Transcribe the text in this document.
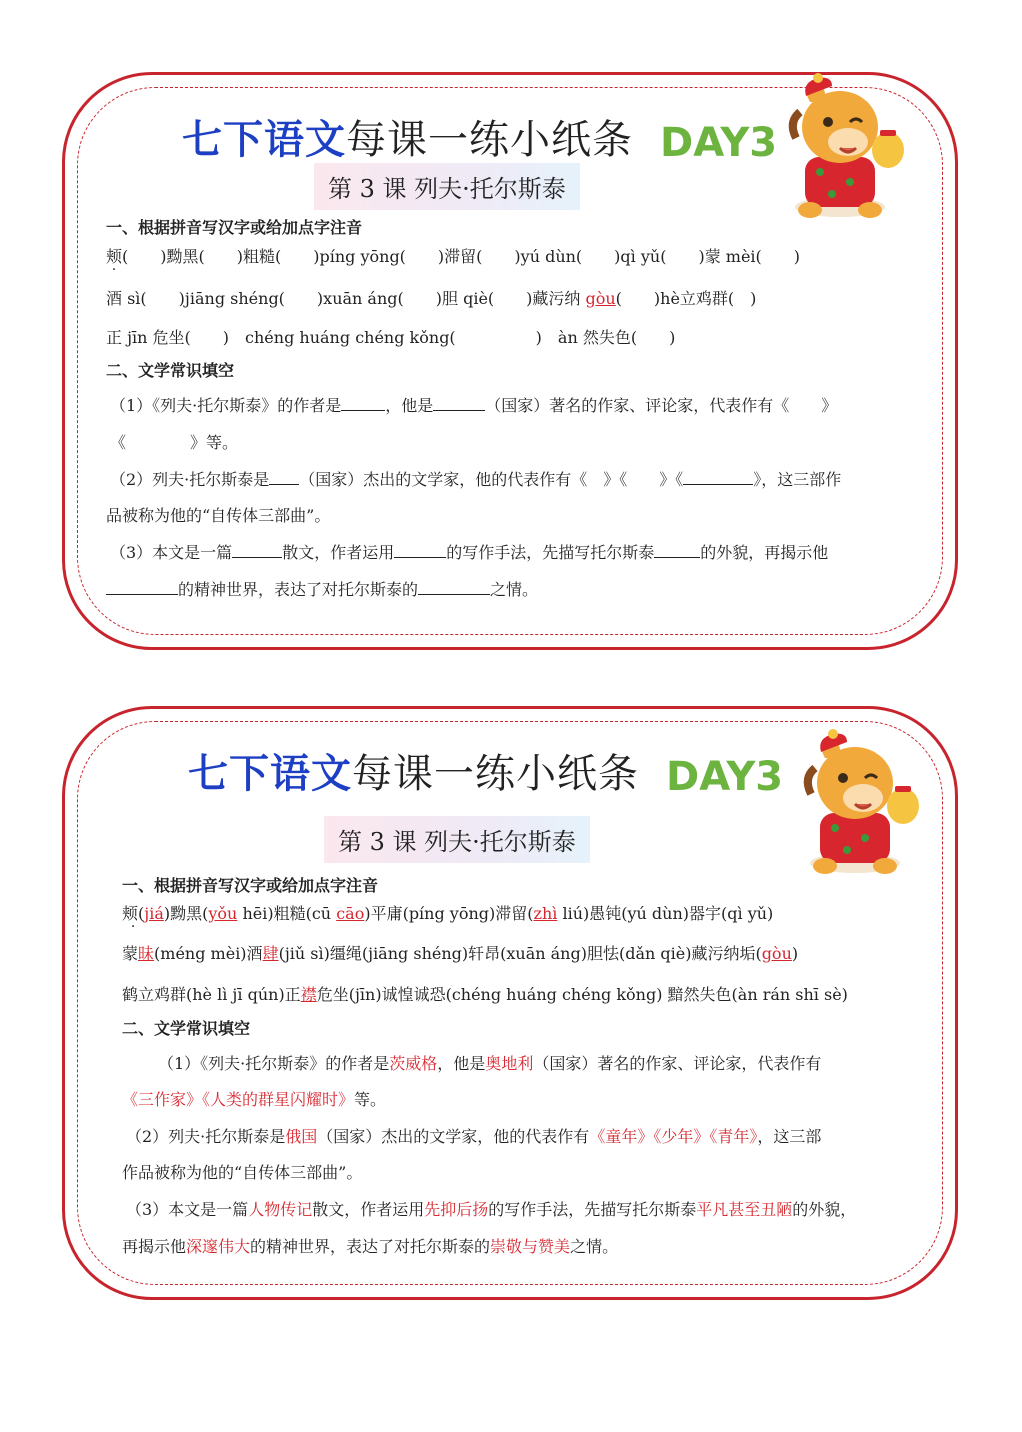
七下语文每课一练小纸条 DAY3
第 3 课 列夫·托尔斯泰
一、根据拼音写汉字或给加点字注音
颊(　　)黝黑(　　)粗糙(　　)píng yōng(　　)滞留(　　)yú dùn(　　)qì yǔ(　　)蒙 mèi(　　)
酒 sì(　　)jiāng shéng(　　)xuān áng(　　)胆 qiè(　　)藏污纳 gòu(　　)hè立鸡群(　)
正 jīn 危坐(　　)　chéng huáng chéng kǒng(　　　　　)　àn 然失色(　　)
二、文学常识填空
（1）《列夫·托尔斯泰》的作者是	，他是	（国家）著名的作家、评论家，代表作有《　　》
《　　　　》等。
（2）列夫·托尔斯泰是 （国家）杰出的文学家，他的代表作有《　》《　　》《	》，这三部作
品被称为他的“自传体三部曲”。
（3）本文是一篇	散文，作者运用	的写作手法，先描写托尔斯泰	的外貌，再揭示他
的精神世界，表达了对托尔斯泰的	之情。
七下语文每课一练小纸条 DAY3
第 3 课 列夫·托尔斯泰
一、根据拼音写汉字或给加点字注音
颊( ·jiá)黝黑(yǒu hēi)粗糙(cū cāo)平庸(píng yōng)滞留(zhì liú)愚钝(yú dùn)器宇(qì yǔ)
蒙昧(méng mèi)酒肆(jiǔ sì)缰绳(jiāng shéng)轩昂(xuān áng)胆怯(dǎn qiè)藏污纳垢(gòu)
鹤立鸡群(hè lì jī qún)正襟危坐(jīn)诚惶诚恐(chéng huáng chéng kǒng) 黯然失色(àn rán shī sè)
二、文学常识填空
（1）《列夫·托尔斯泰》的作者是茨威格，他是奥地利（国家）著名的作家、评论家，代表作有
《三作家》《人类的群星闪耀时》等。
（2）列夫·托尔斯泰是俄国（国家）杰出的文学家，他的代表作有《童年》《少年》《青年》，这三部
作品被称为他的“自传体三部曲”。
（3）本文是一篇人物传记散文，作者运用先抑后扬的写作手法，先描写托尔斯泰平凡甚至丑陋的外貌，
再揭示他深邃伟大的精神世界，表达了对托尔斯泰的崇敬与赞美之情。
